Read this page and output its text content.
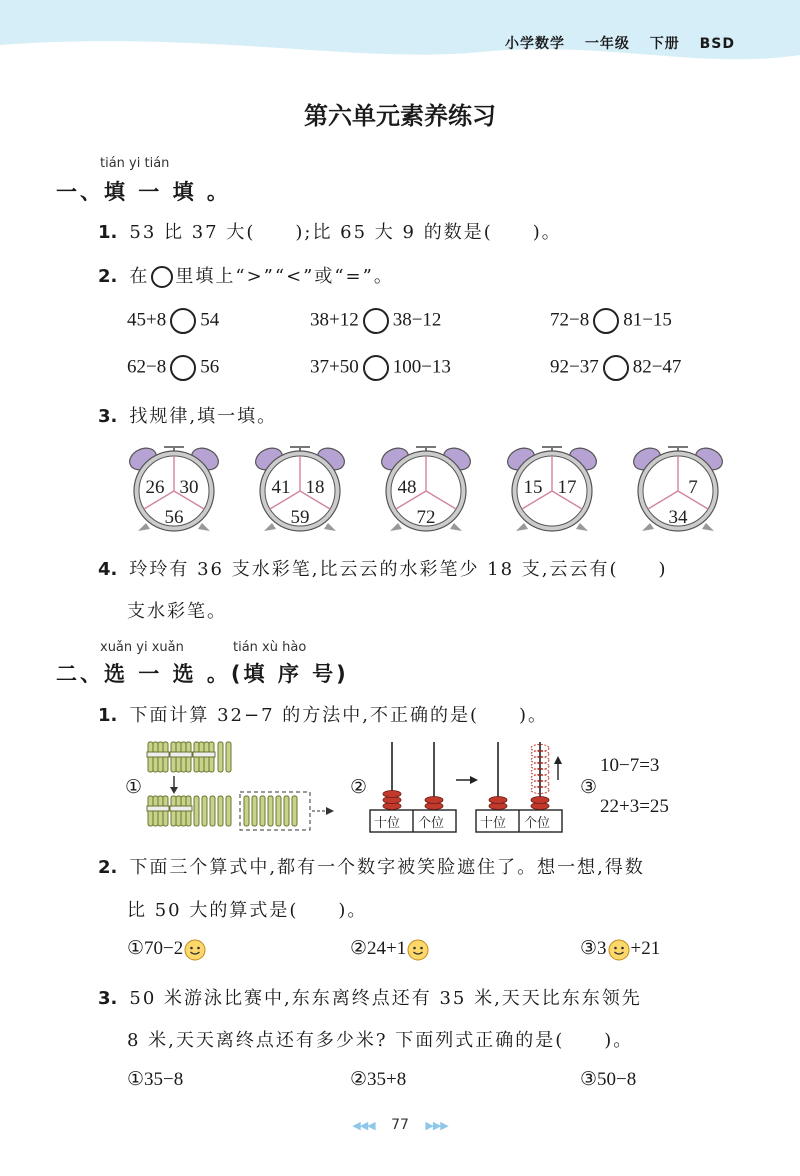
小学数学 一年级 下册 BSD
第六单元素养练习
tián yi tián
一、填 一 填 。
1. 53 比 37 大(　　);比 65 大 9 的数是(　　)。
2. 在 里填上“>”“<”或“=”。
45+8 54	38+12 38−12	72−8 81−15
62−8 56	37+50 100−13	92−37 82−47
3. 找规律,填一填。
26 30
56
41 18
59
48
72
15 17	7
34
4. 玲玲有 36 支水彩笔,比云云的水彩笔少 18 支,云云有(　　)
支水彩笔。
xuǎn yi xuǎn	tián xù hào
二、选 一 选 。(填 序 号)
1. 下面计算 32−7 的方法中,不正确的是(　　)。
①	②
十位 个位	十位 个位
③
10−7=3
22+3=25
2. 下面三个算式中,都有一个数字被笑脸遮住了。想一想,得数
比 50 大的算式是(　　)。
①70−2	②24+1	③3 +21
3. 50 米游泳比赛中,东东离终点还有 35 米,天天比东东领先
8 米,天天离终点还有多少米? 下面列式正确的是(　　)。
①35−8	②35+8	③50−8
◀◀◀ 77 ▶▶▶
